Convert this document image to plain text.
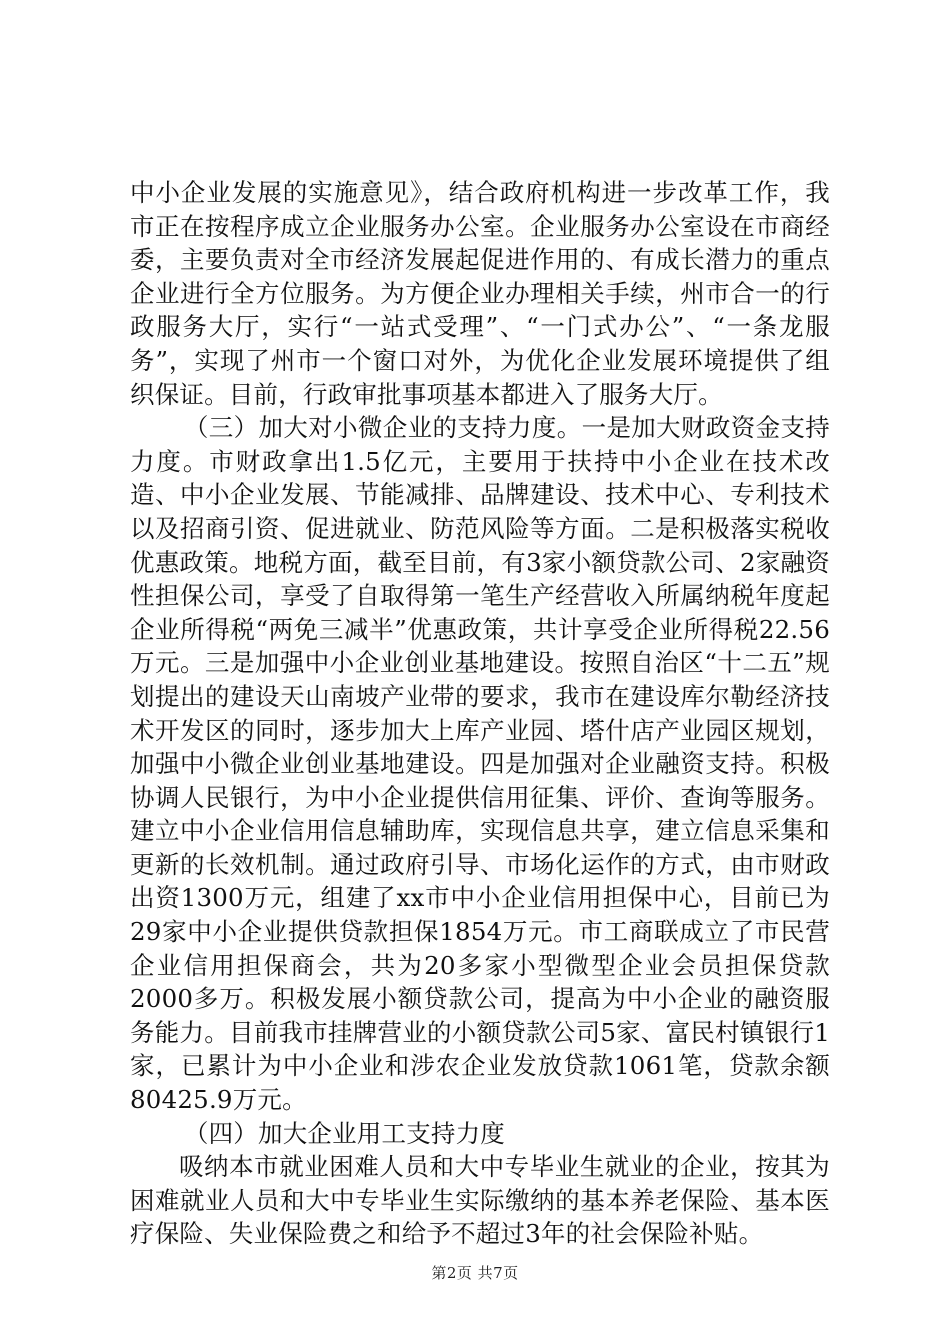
中小企业发展的实施意见》，结合政府机构进一步改革工作，我市正在按程序成立企业服务办公室。企业服务办公室设在市商经委，主要负责对全市经济发展起促进作用的、有成长潜力的重点企业进行全方位服务。为方便企业办理相关手续，州市合一的行政服务大厅，实行“一站式受理”、“一门式办公”、“一条龙服务”，实现了州市一个窗口对外，为优化企业发展环境提供了组织保证。目前，行政审批事项基本都进入了服务大厅。

（三）加大对小微企业的支持力度。一是加大财政资金支持力度。市财政拿出1.5亿元，主要用于扶持中小企业在技术改造、中小企业发展、节能减排、品牌建设、技术中心、专利技术以及招商引资、促进就业、防范风险等方面。二是积极落实税收优惠政策。地税方面，截至目前，有3家小额贷款公司、2家融资性担保公司，享受了自取得第一笔生产经营收入所属纳税年度起企业所得税“两免三减半”优惠政策，共计享受企业所得税22.56万元。三是加强中小企业创业基地建设。按照自治区“十二五”规划提出的建设天山南坡产业带的要求，我市在建设库尔勒经济技术开发区的同时，逐步加大上库产业园、塔什店产业园区规划，加强中小微企业创业基地建设。四是加强对企业融资支持。积极协调人民银行，为中小企业提供信用征集、评价、查询等服务。建立中小企业信用信息辅助库，实现信息共享，建立信息采集和更新的长效机制。通过政府引导、市场化运作的方式，由市财政出资1300万元，组建了xx市中小企业信用担保中心，目前已为29家中小企业提供贷款担保1854万元。市工商联成立了市民营企业信用担保商会，共为20多家小型微型企业会员担保贷款2000多万。积极发展小额贷款公司，提高为中小企业的融资服务能力。目前我市挂牌营业的小额贷款公司5家、富民村镇银行1家，已累计为中小企业和涉农企业发放贷款1061笔，贷款余额80425.9万元。

（四）加大企业用工支持力度

吸纳本市就业困难人员和大中专毕业生就业的企业，按其为困难就业人员和大中专毕业生实际缴纳的基本养老保险、基本医疗保险、失业保险费之和给予不超过3年的社会保险补贴。

第2页 共7页
